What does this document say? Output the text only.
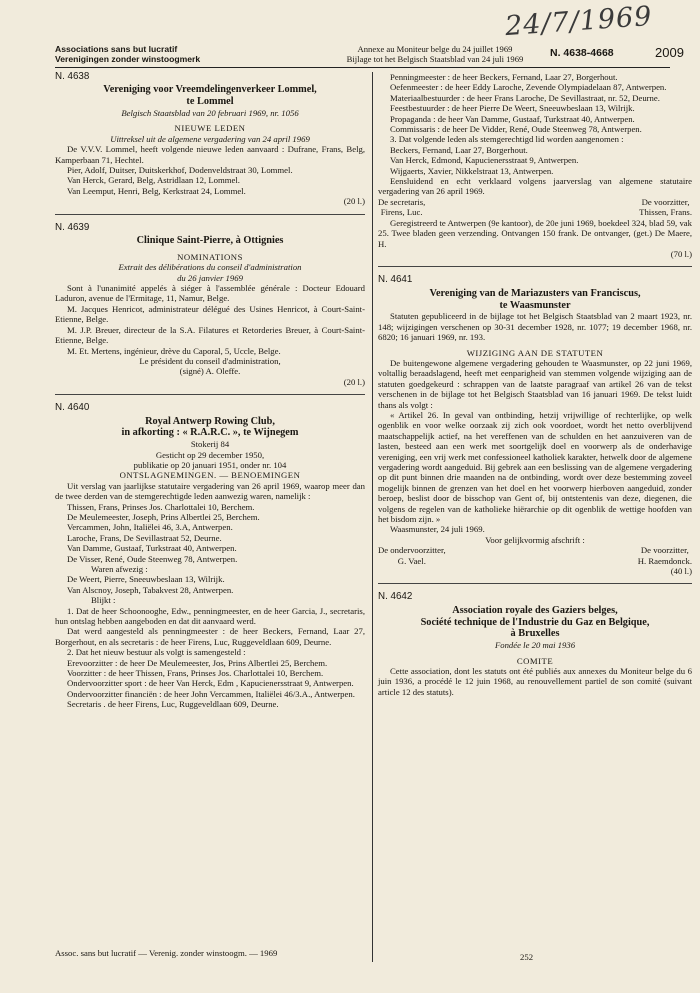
24/7/1969
Associations sans but lucratif
Verenigingen zonder winstoogmerk
Annexe au Moniteur belge du 24 juillet 1969
Bijlage tot het Belgisch Staatsblad van 24 juli 1969	N. 4638-4668	2009

N. 4638

Vereniging voor Vreemdelingenverkeer Lommel,

te Lommel

Belgisch Staatsblad van 20 februari 1969, nr. 1056

NIEUWE LEDEN

Uittreksel uit de algemene vergadering van 24 april 1969

De V.V.V. Lommel, heeft volgende nieuwe leden aanvaard : Dufrane, Frans, Belg, Kamperbaan 71, Hechtel.

Pier, Adolf, Duitser, Duitskerkhof, Dodenveldstraat 30, Lommel.

Van Herck, Gerard, Belg, Astridlaan 12, Lommel.

Van Leemput, Henri, Belg, Kerkstraat 24, Lommel.

(20 l.)

N. 4639

Clinique Saint-Pierre, à Ottignies

NOMINATIONS

Extrait des délibérations du conseil d'administration

du 26 janvier 1969

Sont à l'unanimité appelés à siéger à l'assemblée générale : Docteur Edouard Laduron, avenue de l'Ermitage, 11, Namur, Belge.

M. Jacques Henricot, administrateur délégué des Usines Henricot, à Court-Saint-Etienne, Belge.

M. J.P. Breuer, directeur de la S.A. Filatures et Retorderies Breuer, à Court-Saint-Etienne, Belge.

M. Et. Mertens, ingénieur, drève du Caporal, 5, Uccle, Belge.

Le président du conseil d'administration,

(signé) A. Oleffe.

(20 l.)

N. 4640

Royal Antwerp Rowing Club,

in afkorting : « R.A.R.C. », te Wijnegem

Stokerij 84

Gesticht op 29 december 1950,

publikatie op 20 januari 1951, onder nr. 104

ONTSLAGNEMINGEN. — BENOEMINGEN

Uit verslag van jaarlijkse statutaire vergadering van 26 april 1969, waarop meer dan de twee derden van de stemgerechtigde leden aanwezig waren, namelijk :

Thissen, Frans, Prinses Jos. Charlottalei 10, Berchem.

De Meulemeester, Joseph, Prins Albertlei 25, Berchem.

Vercammen, John, Italiëlei 46, 3.A, Antwerpen.

Laroche, Frans, De Sevillastraat 52, Deurne.

Van Damme, Gustaaf, Turkstraat 40, Antwerpen.

De Visser, René, Oude Steenweg 78, Antwerpen.

Waren afwezig :

De Weert, Pierre, Sneeuwbeslaan 13, Wilrijk.

Van Alscnoy, Joseph, Tabakvest 28, Antwerpen.

Blijkt :

1. Dat de heer Schoonooghe, Edw., penningmeester, en de heer Garcia, J., secretaris, hun ontslag hebben aangeboden en dat dit aanvaard werd.

Dat werd aangesteld als penningmeester : de heer Beckers, Fernand, Laar 27, Borgerhout, en als secretaris : de heer Firens, Luc, Ruggeveldlaan 609, Deurne.

2. Dat het nieuw bestuur als volgt is samengesteld :

Erevoorzitter : de heer De Meulemeester, Jos, Prins Albertlei 25, Berchem.

Voorzitter : de heer Thissen, Frans, Prinses Jos. Charlottalei 10, Berchem.

Ondervoorzitter sport : de heer Van Herck, Edm , Kapucienersstraat 9, Antwerpen.

Ondervoorzitter financiën : de heer John Vercammen, Italiëlei 46/3.A., Antwerpen.

Secretaris . de heer Firens, Luc, Ruggeveldlaan 609, Deurne.

Assoc. sans but lucratif — Verenig. zonder winstoogm. — 1969	252

Penningmeester : de heer Beckers, Fernand, Laar 27, Borgerhout.

Oefenmeester : de heer Eddy Laroche, Zevende Olympiadelaan 87, Antwerpen.

Materiaalbestuurder : de heer Frans Laroche, De Sevillastraat, nr. 52, Deurne.

Feestbestuurder : de heer Pierre De Weert, Sneeuwbeslaan 13, Wilrijk.

Propaganda : de heer Van Damme, Gustaaf, Turkstraat 40, Antwerpen.

Commissaris : de heer De Vidder, René, Oude Steenweg 78, Antwerpen.

3. Dat volgende leden als stemgerechtigd lid worden aangenomen :

Beckers, Fernand, Laar 27, Borgerhout.

Van Herck, Edmond, Kapucienersstraat 9, Antwerpen.

Wijgaerts, Xavier, Nikkelstraat 13, Antwerpen.

Eensluidend en echt verklaard volgens jaarverslag van algemene statutaire vergadering van 26 april 1969.

De secretaris,
Firens, Luc.
De voorzitter,
Thissen, Frans.

Geregistreerd te Antwerpen (9e kantoor), de 20e juni 1969, boekdeel 324, blad 59, vak 25. Twee bladen geen verzending. Ontvangen 150 frank. De ontvanger, (get.) De Maere, H.

(70 l.)

N. 4641

Vereniging van de Mariazusters van Franciscus,

te Waasmunster

Statuten gepubliceerd in de bijlage tot het Belgisch Staatsblad van 2 maart 1923, nr. 148; wijzigingen verschenen op 30-31 december 1928, nr. 1077; 19 december 1968, nr. 6820; 16 januari 1969, nr. 193.

WIJZIGING AAN DE STATUTEN

De buitengewone algemene vergadering gehouden te Waasmunster, op 22 juni 1969, voltallig beraadslagend, heeft met eenparigheid van stemmen volgende wijziging aan de statuten goedgekeurd : schrappen van de laatste paragraaf van artikel 26 van de tekst verschenen in de bijlage tot het Belgisch Staatsblad van 16 januari 1969. De tekst luidt thans als volgt :

« Artikel 26. In geval van ontbinding, hetzij vrijwillige of rechterlijke, op welk ogenblik en voor welke oorzaak zij zich ook voordoet, wordt het netto overblijvend maatschappelijk actief, na het vereffenen van de schulden en het aanzuiveren van de lasten, besteed aan een werk met soortgelijk doel en voorwerp als de onderhavige vereniging, een vrij werk met confessioneel katholiek karakter, hetwelk door de algemene vergadering wordt aangeduid. Bij gebrek aan een beslissing van de algemene vergadering op dit punt binnen drie maanden na de ontbinding, wordt over deze bestemming zoveel mogelijk binnen de grenzen van het doel en het voorwerp hierboven aangeduid, zonder beroep, beslist door de bisschop van Gent of, bij ontstentenis van deze, diegenen, die volgens de regelen van de katholieke hiërarchie op dit ogenblik de wettige hoofden van het bisdom zijn. »

Waasmunster, 24 juli 1969.

Voor gelijkvormig afschrift :

De ondervoorzitter,
G. Vael.
De voorzitter,
H. Raemdonck.

(40 l.)

N. 4642

Association royale des Gaziers belges,

Société technique de l'Industrie du Gaz en Belgique,

à Bruxelles

Fondée le 20 mai 1936

COMITE

Cette association, dont les statuts ont été publiés aux annexes du Moniteur belge du 6 juin 1936, a procédé le 12 juin 1968, au renouvellement partiel de son comité (suivant article 12 des statuts).
